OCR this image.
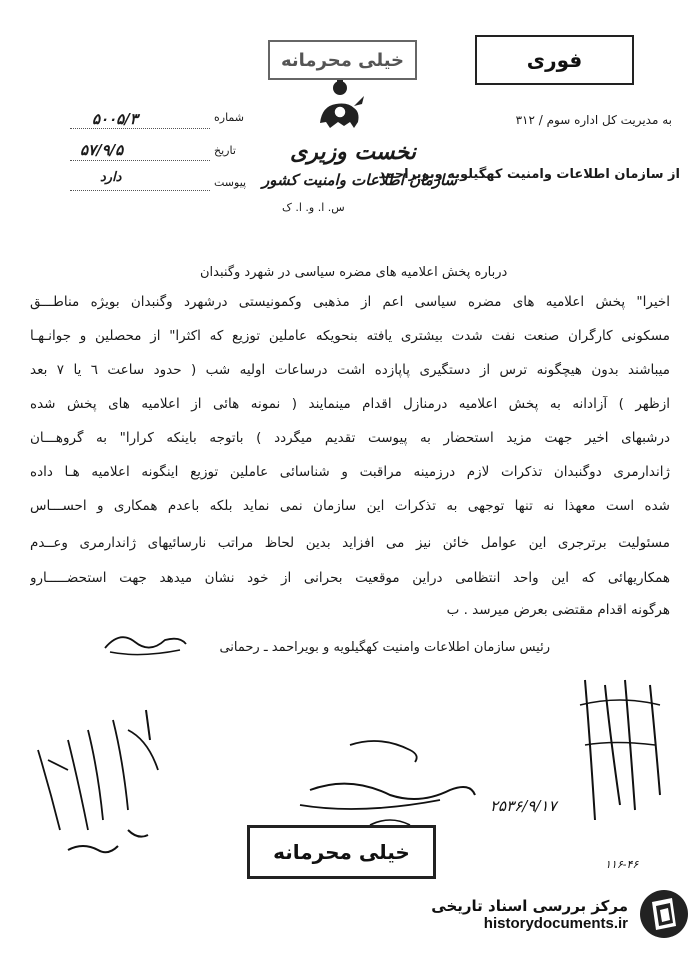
فوری
خیلی محرمانه
نخست وزیری
سازمان اطلاعات وامنیت کشور
س. ا. و. ا. ک
به مدیریت کل اداره سوم / ۳۱۲
از سازمان اطلاعات وامنیت کهگیلویه وبویراحمد
شماره
۵۰۰۵/۳
تاریخ
۵۷/۹/۵
پیوست
دارد
درباره پخش اعلامیه های مضره سیاسی در شهرد وگنبدان
اخیرا" پخش اعلامیه های مضره سیاسی اعم از مذهبی وکمونیستی درشهرد وگنبدان بویژه مناطـــق
مسکونی کارگران صنعت نفت شدت بیشتری یافته بنحویکه عاملین توزیع که اکثرا" از محصلین و جوانـهـا
میباشند بدون هیچگونه ترس از دستگیری پاپازده اشت درساعات اولیه شب ( حدود ساعت ٦ یا ٧ بعد
ازظهر ) آزادانه به پخش اعلامیه درمنازل اقدام مینمایند ( نمونه هائی از اعلامیه های پخش شده
درشبهای اخیر جهت مزید استحضار به پیوست تقدیم میگردد ) باتوجه باینکه کرارا" به گروهـــان
ژاندارمری دوگنبدان تذکرات لازم درزمینه مراقبت و شناسائی عاملین توزیع اینگونه اعلامیه هـا داده
شده است معهذا نه تنها توجهی به تذکرات این سازمان نمی نماید بلکه باعدم همکاری و احســـاس
مسئولیت برترجری این عوامل خائن نیز می افزاید بدین لحاظ مراتب نارسائیهای ژاندارمری وعــدم
همکاریهائی که این واحد انتظامی دراین موقعیت بحرانی از خود نشان میدهد جهت استحضـــــارو
هرگونه اقدام مقتضی بعرض میرسد . ب
رئیس سازمان اطلاعات وامنیت کهگیلویه و بویراحمد ـ رحمانی
۲۵۳۶/۹/۱۷
۱۱۶-۴۶
خیلی محرمانه
مرکز بررسی اسناد تاریخی
historydocuments.ir
